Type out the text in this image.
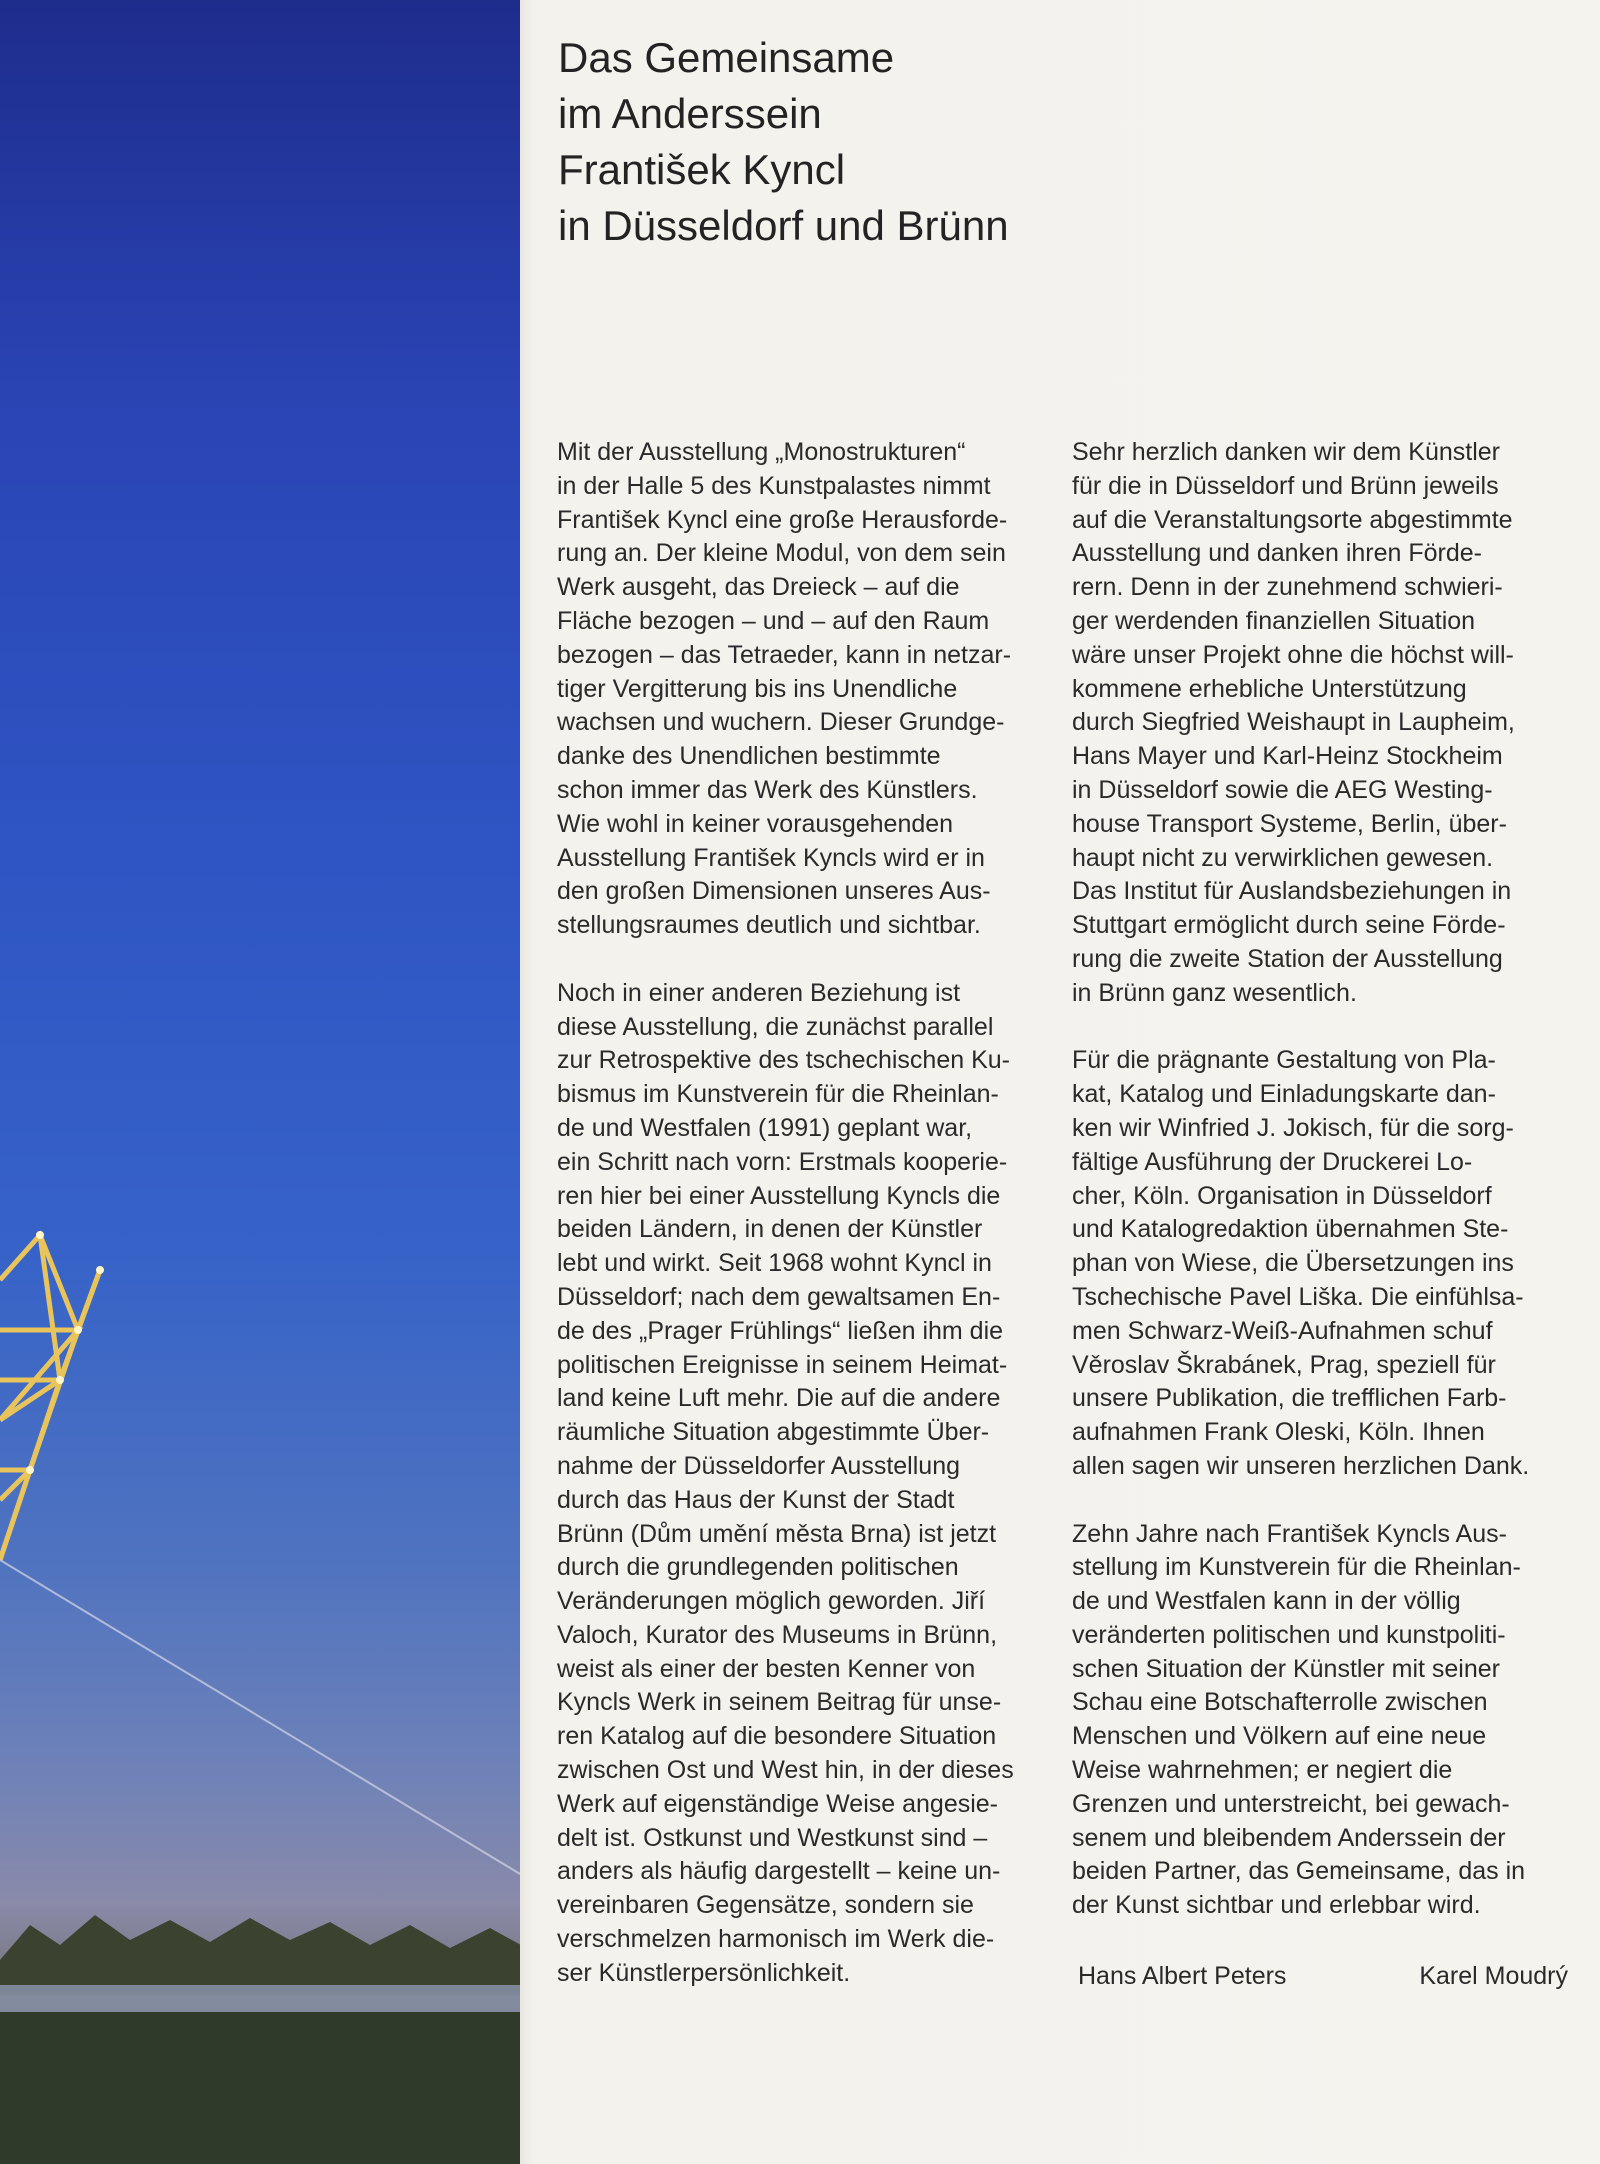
Das Gemeinsame
im Anderssein
František Kyncl
in Düsseldorf und Brünn

Mit der Ausstellung „Monostrukturen“
in der Halle 5 des Kunstpalastes nimmt
František Kyncl eine große Herausforde-
rung an. Der kleine Modul, von dem sein
Werk ausgeht, das Dreieck – auf die
Fläche bezogen – und – auf den Raum
bezogen – das Tetraeder, kann in netzar-
tiger Vergitterung bis ins Unendliche
wachsen und wuchern. Dieser Grundge-
danke des Unendlichen bestimmte
schon immer das Werk des Künstlers.
Wie wohl in keiner vorausgehenden
Ausstellung František Kyncls wird er in
den großen Dimensionen unseres Aus-
stellungsraumes deutlich und sichtbar.

Noch in einer anderen Beziehung ist
diese Ausstellung, die zunächst parallel
zur Retrospektive des tschechischen Ku-
bismus im Kunstverein für die Rheinlan-
de und Westfalen (1991) geplant war,
ein Schritt nach vorn: Erstmals kooperie-
ren hier bei einer Ausstellung Kyncls die
beiden Ländern, in denen der Künstler
lebt und wirkt. Seit 1968 wohnt Kyncl in
Düsseldorf; nach dem gewaltsamen En-
de des „Prager Frühlings“ ließen ihm die
politischen Ereignisse in seinem Heimat-
land keine Luft mehr. Die auf die andere
räumliche Situation abgestimmte Über-
nahme der Düsseldorfer Ausstellung
durch das Haus der Kunst der Stadt
Brünn (Dům umění města Brna) ist jetzt
durch die grundlegenden politischen
Veränderungen möglich geworden. Jiří
Valoch, Kurator des Museums in Brünn,
weist als einer der besten Kenner von
Kyncls Werk in seinem Beitrag für unse-
ren Katalog auf die besondere Situation
zwischen Ost und West hin, in der dieses
Werk auf eigenständige Weise angesie-
delt ist. Ostkunst und Westkunst sind –
anders als häufig dargestellt – keine un-
vereinbaren Gegensätze, sondern sie
verschmelzen harmonisch im Werk die-
ser Künstlerpersönlichkeit.

Sehr herzlich danken wir dem Künstler
für die in Düsseldorf und Brünn jeweils
auf die Veranstaltungsorte abgestimmte
Ausstellung und danken ihren Förde-
rern. Denn in der zunehmend schwieri-
ger werdenden finanziellen Situation
wäre unser Projekt ohne die höchst will-
kommene erhebliche Unterstützung
durch Siegfried Weishaupt in Laupheim,
Hans Mayer und Karl-Heinz Stockheim
in Düsseldorf sowie die AEG Westing-
house Transport Systeme, Berlin, über-
haupt nicht zu verwirklichen gewesen.
Das Institut für Auslandsbeziehungen in
Stuttgart ermöglicht durch seine Förde-
rung die zweite Station der Ausstellung
in Brünn ganz wesentlich.

Für die prägnante Gestaltung von Pla-
kat, Katalog und Einladungskarte dan-
ken wir Winfried J. Jokisch, für die sorg-
fältige Ausführung der Druckerei Lo-
cher, Köln. Organisation in Düsseldorf
und Katalogredaktion übernahmen Ste-
phan von Wiese, die Übersetzungen ins
Tschechische Pavel Liška. Die einfühlsa-
men Schwarz-Weiß-Aufnahmen schuf
Věroslav Škrabánek, Prag, speziell für
unsere Publikation, die trefflichen Farb-
aufnahmen Frank Oleski, Köln. Ihnen
allen sagen wir unseren herzlichen Dank.

Zehn Jahre nach František Kyncls Aus-
stellung im Kunstverein für die Rheinlan-
de und Westfalen kann in der völlig
veränderten politischen und kunstpoliti-
schen Situation der Künstler mit seiner
Schau eine Botschafterrolle zwischen
Menschen und Völkern auf eine neue
Weise wahrnehmen; er negiert die
Grenzen und unterstreicht, bei gewach-
senem und bleibendem Anderssein der
beiden Partner, das Gemeinsame, das in
der Kunst sichtbar und erlebbar wird.

Hans Albert Peters	Karel Moudrý
